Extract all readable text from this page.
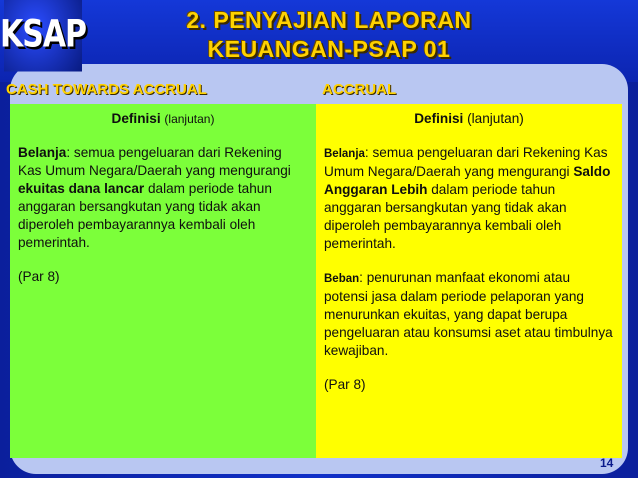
KSAP	2. PENYAJIAN LAPORAN
KEUANGAN-PSAP 01
CASH TOWARDS ACCRUAL	ACCRUAL
Definisi (lanjutan)

Belanja: semua pengeluaran dari Rekening Kas Umum Negara/Daerah yang mengurangi ekuitas dana lancar dalam periode tahun anggaran bersangkutan yang tidak akan diperoleh pembayarannya kembali oleh pemerintah.

(Par 8)

Definisi (lanjutan)

Belanja: semua pengeluaran dari Rekening Kas Umum Negara/Daerah yang mengurangi Saldo Anggaran Lebih dalam periode tahun anggaran bersangkutan yang tidak akan diperoleh pembayarannya kembali oleh pemerintah.

Beban: penurunan manfaat ekonomi atau potensi jasa dalam periode pelaporan yang menurunkan ekuitas, yang dapat berupa pengeluaran atau konsumsi aset atau timbulnya kewajiban.

(Par 8)

14
